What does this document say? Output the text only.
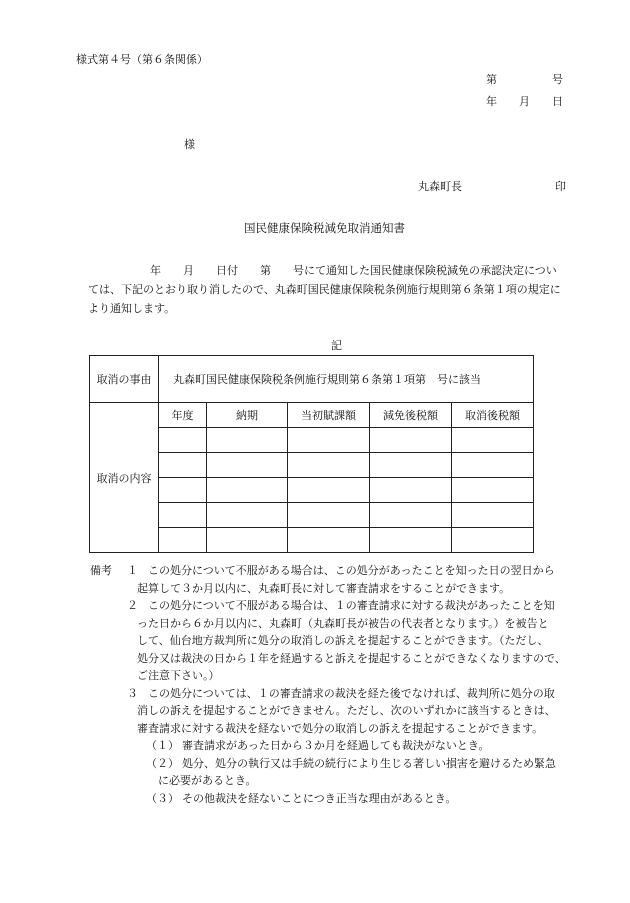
様式第４号（第６条関係）
第　　　　　号
年　　月　　日
様
丸森町長	印
国民健康保険税減免取消通知書
年　　月　　日付　　第　　号にて通知した国民健康保険税減免の承認決定につい
ては、下記のとおり取り消したので、丸森町国民健康保険税条例施行規則第６条第１項の規定に
より通知します。
記
取消の事由	丸森町国民健康保険税条例施行規則第６条第１項第　号に該当				
取消の内容	年度	納期	当初賦課額	減免後税額	取消後税額

備考 １ この処分について不服がある場合は、この処分があったことを知った日の翌日から
起算して３か月以内に、丸森町長に対して審査請求をすることができます。
２ この処分について不服がある場合は、１の審査請求に対する裁決があったことを知

った日から６か月以内に、丸森町（丸森町長が被告の代表者となります。）を被告と
して、仙台地方裁判所に処分の取消しの訴えを提起することができます。（ただし、
処分又は裁決の日から１年を経過すると訴えを提起することができなくなりますので、
ご注意下さい。）
３ この処分については、１の審査請求の裁決を経た後でなければ、裁判所に処分の取

消しの訴えを提起することができません。ただし、次のいずれかに該当するときは、
審査請求に対する裁決を経ないで処分の取消しの訴えを提起することができます。
（１） 審査請求があった日から３か月を経過しても裁決がないとき。

（２） 処分、処分の執行又は手続の続行により生じる著しい損害を避けるため緊急

に必要があるとき。
（３） その他裁決を経ないことにつき正当な理由があるとき。
